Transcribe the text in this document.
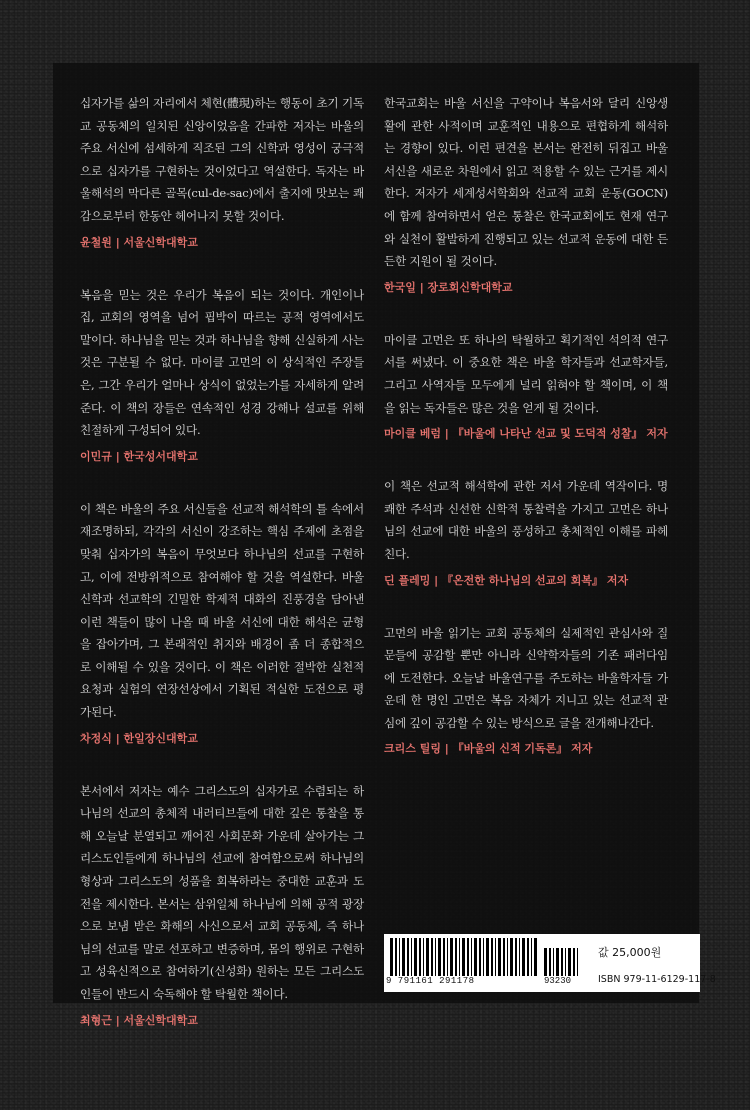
십자가를 삶의 자리에서 체현(體現)하는 행동이 초기 기독교 공동체의 일치된 신앙이었음을 간파한 저자는 바울의 주요 서신에 섬세하게 직조된 그의 신학과 영성이 궁극적으로 십자가를 구현하는 것이었다고 역설한다. 독자는 바울해석의 막다른 골목(cul-de-sac)에서 출지에 맛보는 쾌감으로부터 한동안 헤어나지 못할 것이다.

윤철원 | 서울신학대학교

복음을 믿는 것은 우리가 복음이 되는 것이다. 개인이나 집, 교회의 영역을 넘어 핍박이 따르는 공적 영역에서도 말이다. 하나님을 믿는 것과 하나님을 향해 신실하게 사는 것은 구분될 수 없다. 마이클 고먼의 이 상식적인 주장들은, 그간 우리가 얼마나 상식이 없었는가를 자세하게 알려준다. 이 책의 장들은 연속적인 성경 강해나 설교를 위해 친절하게 구성되어 있다.

이민규 | 한국성서대학교

이 책은 바울의 주요 서신들을 선교적 해석학의 틀 속에서 재조명하되, 각각의 서신이 강조하는 핵심 주제에 초점을 맞춰 십자가의 복음이 무엇보다 하나님의 선교를 구현하고, 이에 전방위적으로 참여해야 할 것을 역설한다. 바울신학과 선교학의 긴밀한 학제적 대화의 진풍경을 담아낸 이런 책들이 많이 나올 때 바울 서신에 대한 해석은 균형을 잡아가며, 그 본래적인 취지와 배경이 좀 더 종합적으로 이해될 수 있을 것이다. 이 책은 이러한 절박한 실천적 요청과 실험의 연장선상에서 기획된 적실한 도전으로 평가된다.

차정식 | 한일장신대학교

본서에서 저자는 예수 그리스도의 십자가로 수렴되는 하나님의 선교의 총체적 내러티브들에 대한 깊은 통찰을 통해 오늘날 분열되고 깨어진 사회문화 가운데 살아가는 그리스도인들에게 하나님의 선교에 참여함으로써 하나님의 형상과 그리스도의 성품을 회복하라는 중대한 교훈과 도전을 제시한다. 본서는 삼위일체 하나님에 의해 공적 광장으로 보냄 받은 화해의 사신으로서 교회 공동체, 즉 하나님의 선교를 말로 선포하고 변증하며, 몸의 행위로 구현하고 성육신적으로 참여하기(신성화) 원하는 모든 그리스도인들이 반드시 숙독해야 할 탁월한 책이다.

최형근 | 서울신학대학교

한국교회는 바울 서신을 구약이나 복음서와 달리 신앙생활에 관한 사적이며 교훈적인 내용으로 편협하게 해석하는 경향이 있다. 이런 편견을 본서는 완전히 뒤집고 바울 서신을 새로운 차원에서 읽고 적용할 수 있는 근거를 제시한다. 저자가 세계성서학회와 선교적 교회 운동(GOCN)에 함께 참여하면서 얻은 통찰은 한국교회에도 현재 연구와 실천이 활발하게 진행되고 있는 선교적 운동에 대한 든든한 지원이 될 것이다.

한국일 | 장로회신학대학교

마이클 고먼은 또 하나의 탁월하고 획기적인 석의적 연구서를 써냈다. 이 중요한 책은 바울 학자들과 선교학자들, 그리고 사역자들 모두에게 널리 읽혀야 할 책이며, 이 책을 읽는 독자들은 많은 것을 얻게 될 것이다.

마이클 베럼 | 『바울에 나타난 선교 및 도덕적 성찰』 저자

이 책은 선교적 해석학에 관한 저서 가운데 역작이다. 명쾌한 주석과 신선한 신학적 통찰력을 가지고 고먼은 하나님의 선교에 대한 바울의 풍성하고 총체적인 이해를 파헤친다.

딘 플레밍 | 『온전한 하나님의 선교의 회복』 저자

고먼의 바울 읽기는 교회 공동체의 실제적인 관심사와 질문들에 공감할 뿐만 아니라 신약학자들의 기존 패러다임에 도전한다. 오늘날 바울연구를 주도하는 바울학자들 가운데 한 명인 고먼은 복음 자체가 지니고 있는 선교적 관심에 깊이 공감할 수 있는 방식으로 글을 전개해나간다.

크리스 틸링 | 『바울의 신적 기독론』 저자
9 791161 291178	93230
값 25,000원
ISBN 979-11-6129-117-8
